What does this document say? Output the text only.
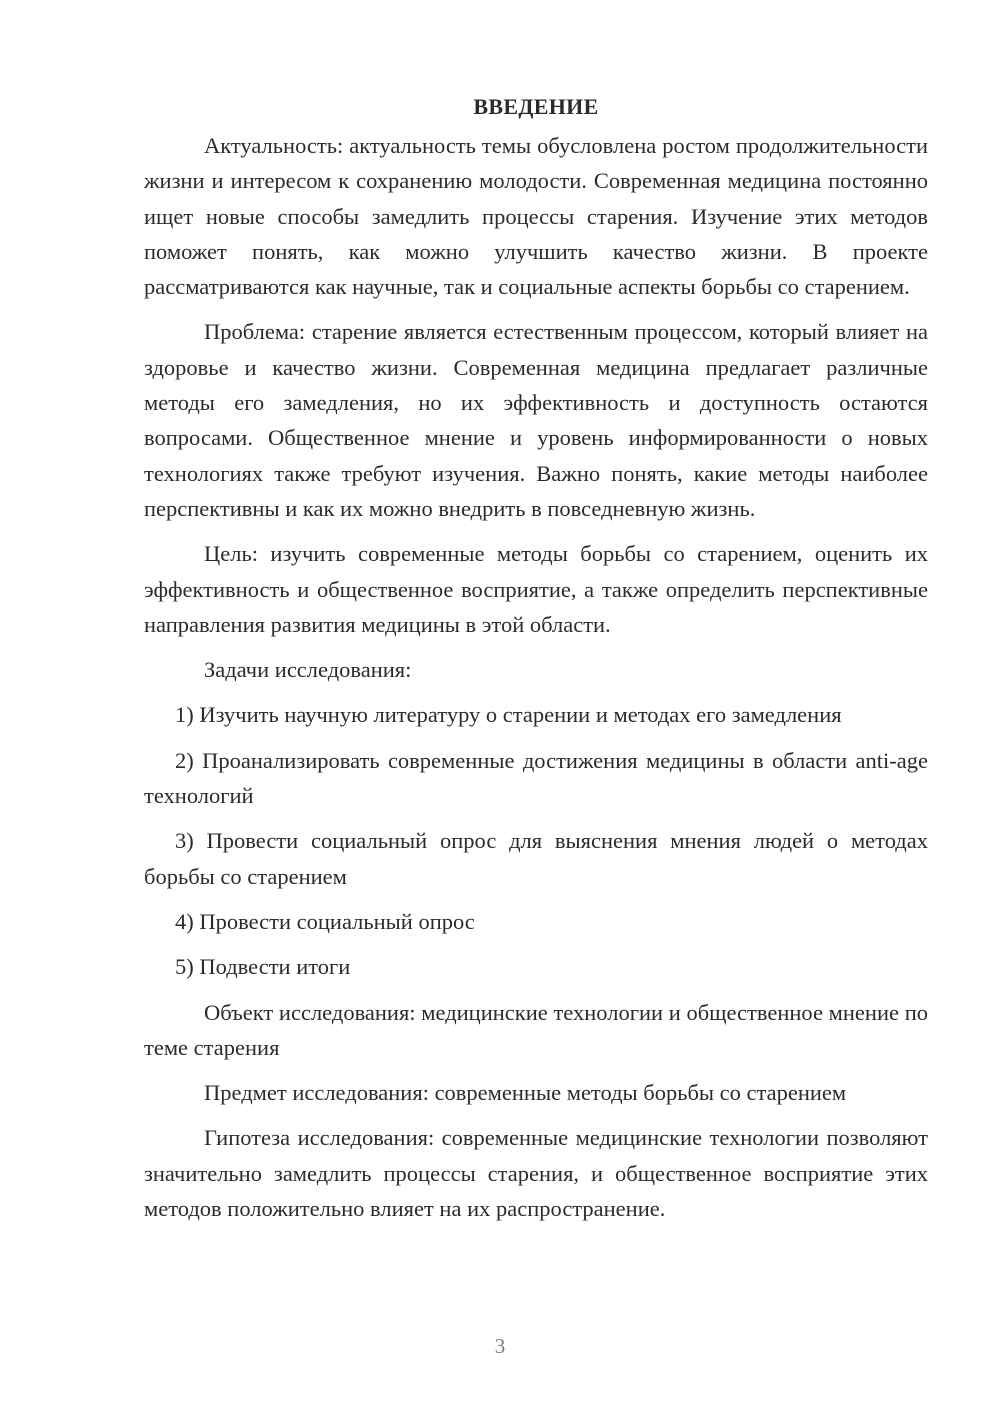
ВВЕДЕНИЕ

Актуальность: актуальность темы обусловлена ростом продолжительности жизни и интересом к сохранению молодости. Современная медицина постоянно ищет новые способы замедлить процессы старения. Изучение этих методов поможет понять, как можно улучшить качество жизни. В проекте рассматриваются как научные, так и социальные аспекты борьбы со старением.

Проблема: старение является естественным процессом, который влияет на здоровье и качество жизни. Современная медицина предлагает различные методы его замедления, но их эффективность и доступность остаются вопросами. Общественное мнение и уровень информированности о новых технологиях также требуют изучения. Важно понять, какие методы наиболее перспективны и как их можно внедрить в повседневную жизнь.

Цель: изучить современные методы борьбы со старением, оценить их эффективность и общественное восприятие, а также определить перспективные направления развития медицины в этой области.

Задачи исследования:

1) Изучить научную литературу о старении и методах его замедления

2) Проанализировать современные достижения медицины в области anti-age технологий

3) Провести социальный опрос для выяснения мнения людей о методах борьбы со старением

4) Провести социальный опрос

5) Подвести итоги

Объект исследования: медицинские технологии и общественное мнение по теме старения

Предмет исследования: современные методы борьбы со старением

Гипотеза исследования: современные медицинские технологии позволяют значительно замедлить процессы старения, и общественное восприятие этих методов положительно влияет на их распространение.

3
